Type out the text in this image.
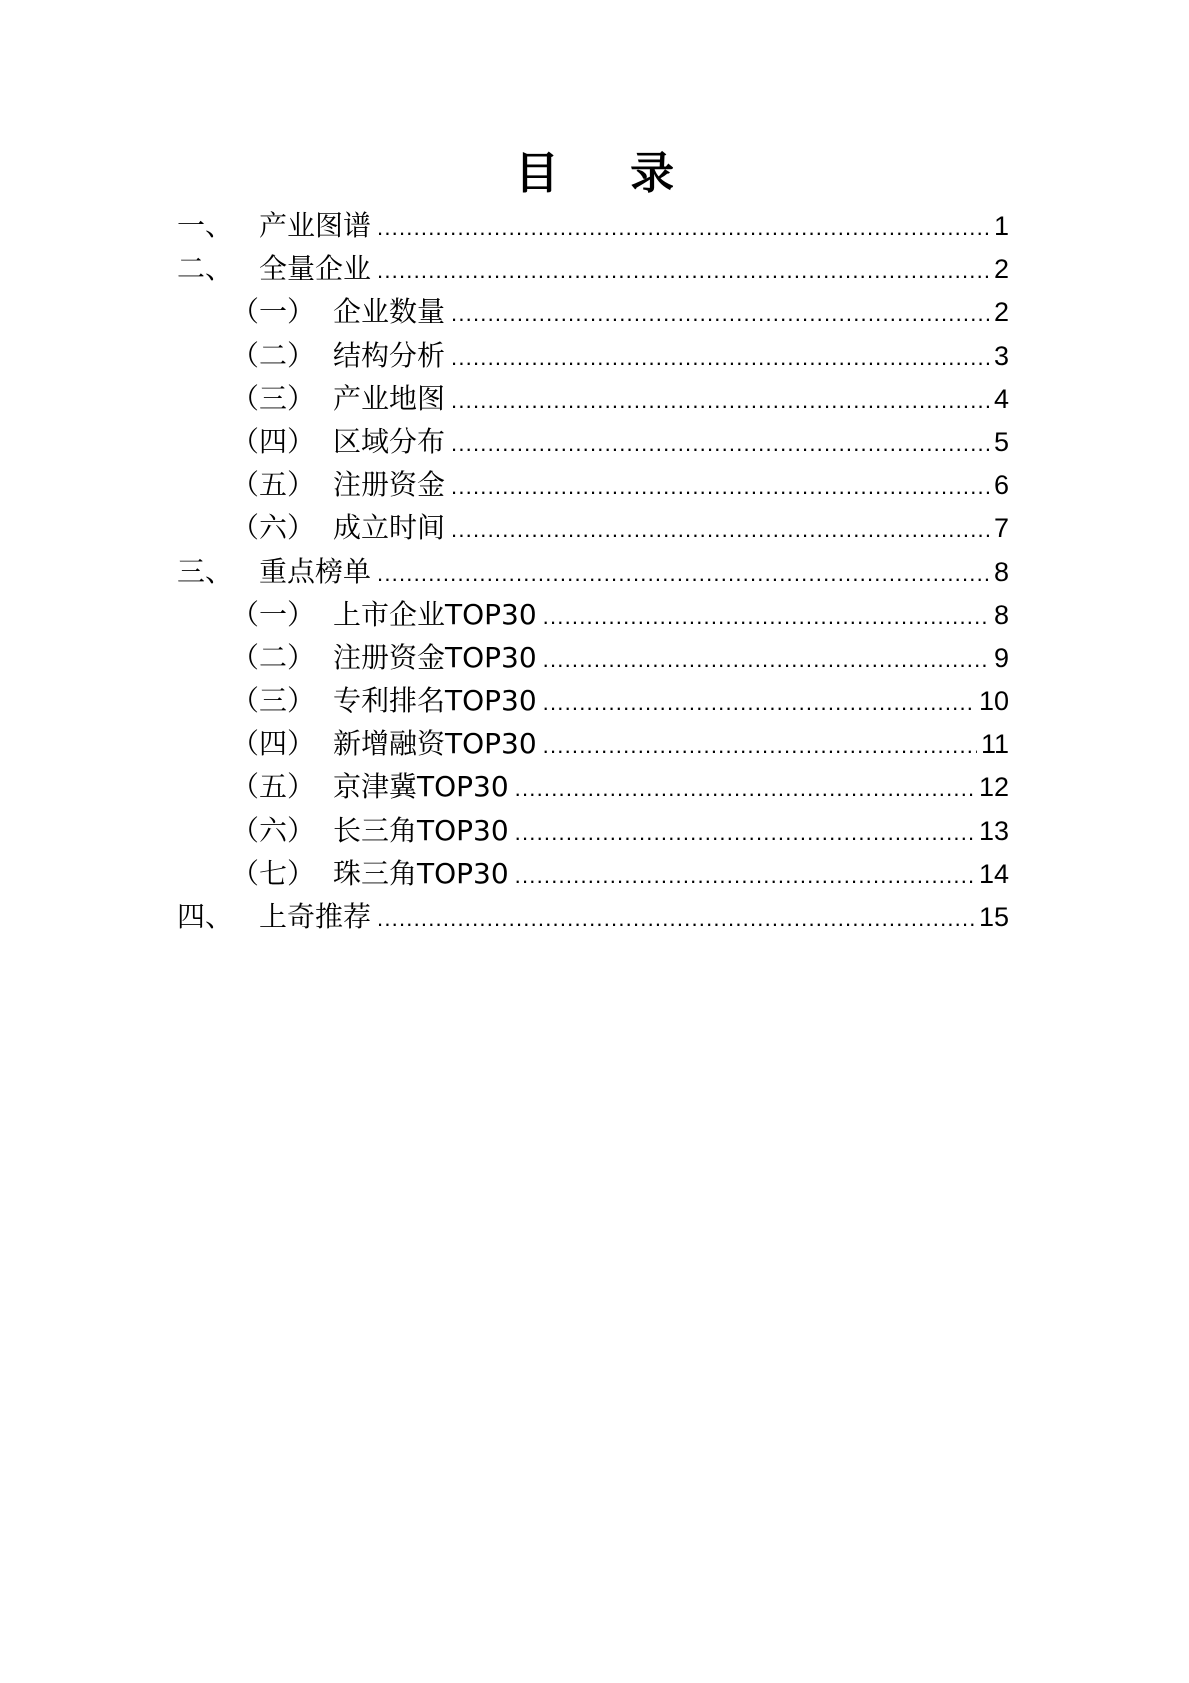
目 录
一、 产业图谱 .....	1
二、 全量企业 .....	2
（一） 企业数量 .....	2
（二） 结构分析 .....	3
（三） 产业地图 .....	4
（四） 区域分布 .....	5
（五） 注册资金 .....	6
（六） 成立时间 .....	7
三、 重点榜单 .....	8
（一） 上市企业TOP30 .....	8
（二） 注册资金TOP30 .....	9
（三） 专利排名TOP30 .....	10
（四） 新增融资TOP30 .....	11
（五） 京津冀TOP30 .....	12
（六） 长三角TOP30 .....	13
（七） 珠三角TOP30 .....	14
四、 上奇推荐 .....	15
